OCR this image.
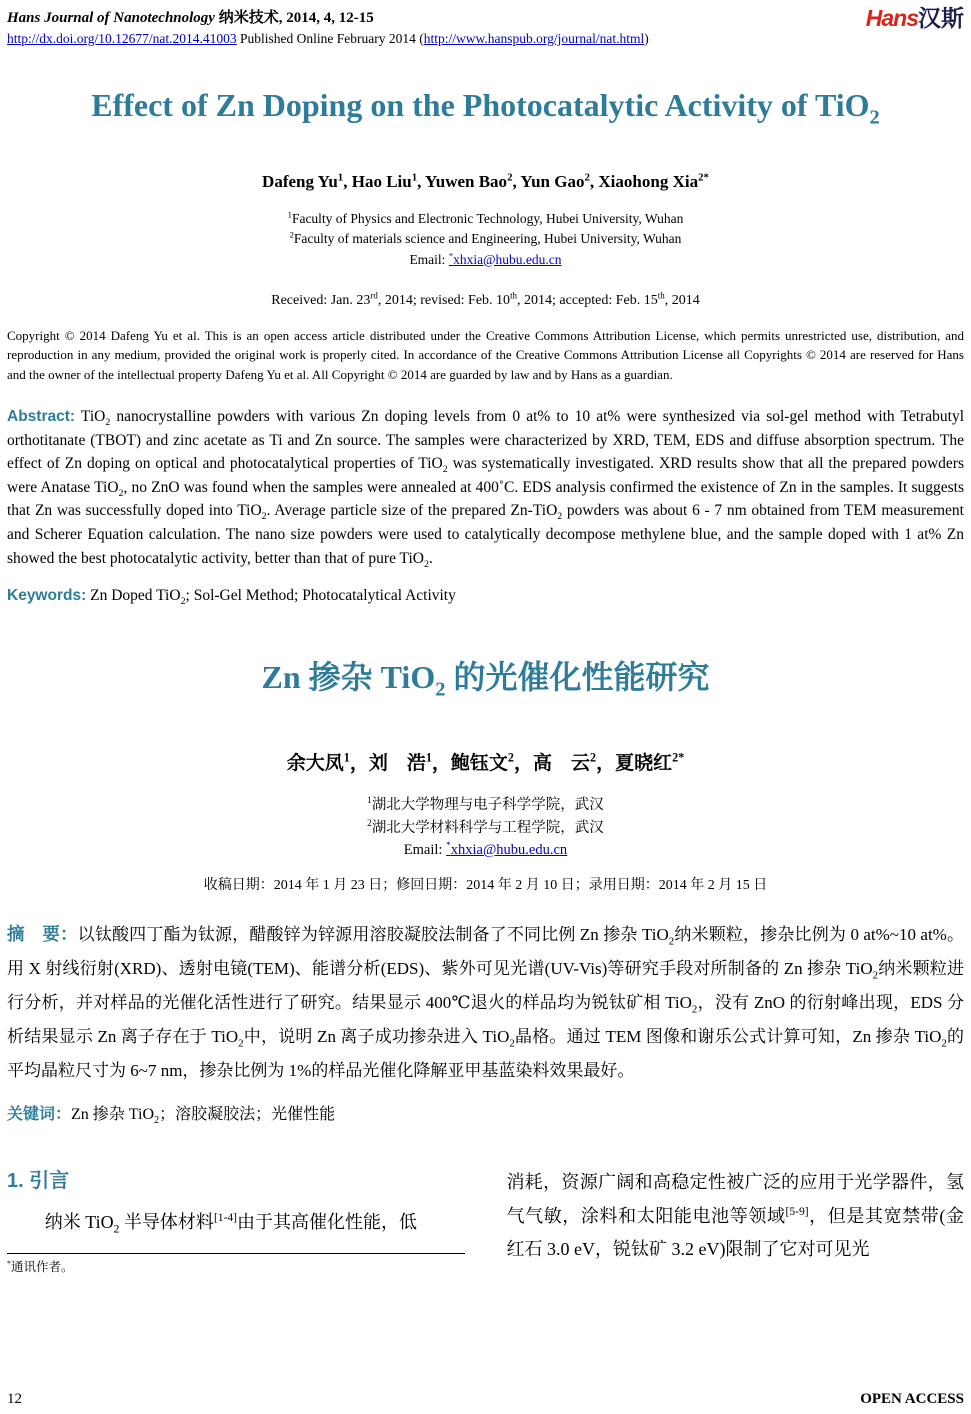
Hans Journal of Nanotechnology 纳米技术, 2014, 4, 12-15
http://dx.doi.org/10.12677/nat.2014.41003 Published Online February 2014 (http://www.hanspub.org/journal/nat.html)
Hans汉斯
Effect of Zn Doping on the Photocatalytic Activity of TiO$_2$
Dafeng Yu$^1$, Hao Liu$^1$, Yuwen Bao$^2$, Yun Gao$^2$, Xiaohong Xia$^{2*}$
$^1$Faculty of Physics and Electronic Technology, Hubei University, Wuhan
$^2$Faculty of materials science and Engineering, Hubei University, Wuhan
Email: *xhxia@hubu.edu.cn
Received: Jan. 23rd, 2014; revised: Feb. 10th, 2014; accepted: Feb. 15th, 2014

Copyright © 2014 Dafeng Yu et al. This is an open access article distributed under the Creative Commons Attribution License, which permits unrestricted use, distribution, and reproduction in any medium, provided the original work is properly cited. In accordance of the Creative Commons Attribution License all Copyrights © 2014 are reserved for Hans and the owner of the intellectual property Dafeng Yu et al. All Copyright © 2014 are guarded by law and by Hans as a guardian.

Abstract: TiO$_2$ nanocrystalline powders with various Zn doping levels from 0 at% to 10 at% were synthesized via sol-gel method with Tetrabutyl orthotitanate (TBOT) and zinc acetate as Ti and Zn source. The samples were characterized by XRD, TEM, EDS and diffuse absorption spectrum. The effect of Zn doping on optical and photocatalytical properties of TiO$_2$ was systematically investigated. XRD results show that all the prepared powders were Anatase TiO$_2$, no ZnO was found when the samples were annealed at 400˚C. EDS analysis confirmed the existence of Zn in the samples. It suggests that Zn was successfully doped into TiO$_2$. Average particle size of the prepared Zn-TiO$_2$ powders was about 6 - 7 nm obtained from TEM measurement and Scherer Equation calculation. The nano size powders were used to catalytically decompose methylene blue, and the sample doped with 1 at% Zn showed the best photocatalytic activity, better than that of pure TiO$_2$.

Keywords: Zn Doped TiO$_2$; Sol-Gel Method; Photocatalytical Activity

Zn 掺杂 TiO$_2$ 的光催化性能研究
余大凤$^1$，刘　浩$^1$，鲍钰文$^2$，高　云$^2$，夏晓红$^{2*}$
$^1$湖北大学物理与电子科学学院，武汉
$^2$湖北大学材料科学与工程学院，武汉
Email: *xhxia@hubu.edu.cn
收稿日期：2014 年 1 月 23 日；修回日期：2014 年 2 月 10 日；录用日期：2014 年 2 月 15 日

摘　要：以钛酸四丁酯为钛源，醋酸锌为锌源用溶胶凝胶法制备了不同比例 Zn 掺杂 TiO$_2$纳米颗粒，掺杂比例为 0 at%~10 at%。用 X 射线衍射(XRD)、透射电镜(TEM)、能谱分析(EDS)、紫外可见光谱(UV-Vis)等研究手段对所制备的 Zn 掺杂 TiO$_2$纳米颗粒进行分析，并对样品的光催化活性进行了研究。结果显示 400℃退火的样品均为锐钛矿相 TiO$_2$，没有 ZnO 的衍射峰出现，EDS 分析结果显示 Zn 离子存在于 TiO$_2$中，说明 Zn 离子成功掺杂进入 TiO$_2$晶格。通过 TEM 图像和谢乐公式计算可知，Zn 掺杂 TiO$_2$的平均晶粒尺寸为 6~7 nm，掺杂比例为 1%的样品光催化降解亚甲基蓝染料效果最好。

关键词：Zn 掺杂 TiO$_2$；溶胶凝胶法；光催性能

1. 引言

纳米 TiO$_2$ 半导体材料[1-4]由于其高催化性能，低

*通讯作者。

消耗，资源广阔和高稳定性被广泛的应用于光学器件，氢气气敏，涂料和太阳能电池等领域[5-9]，但是其宽禁带(金红石 3.0 eV，锐钛矿 3.2 eV)限制了它对可见光

12	OPEN ACCESS
